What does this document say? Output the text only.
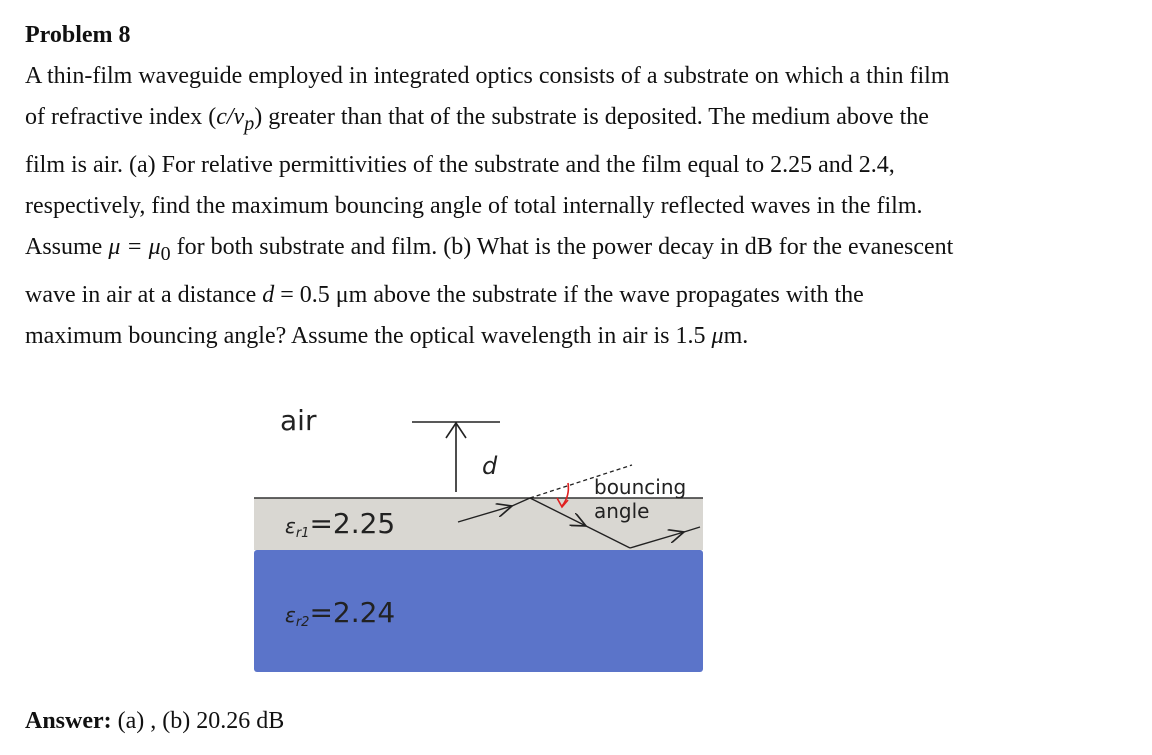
Problem 8

A thin-film waveguide employed in integrated optics consists of a substrate on which a thin film of refractive index $(c/v_p)$ greater than that of the substrate is deposited. The medium above the film is air. (a) For relative permittivities of the substrate and the film equal to 2.25 and 2.4, respectively, find the maximum bouncing angle of total internally reflected waves in the film. Assume $\mu = \mu_0$ for both substrate and film. (b) What is the power decay in dB for the evanescent wave in air at a distance d = 0.5 μm above the substrate if the wave propagates with the maximum bouncing angle? Assume the optical wavelength in air is 1.5 μm.

air
d
εr1=2.25
εr2=2.24
bouncing
angle
Answer: (a) , (b) 20.26 dB
